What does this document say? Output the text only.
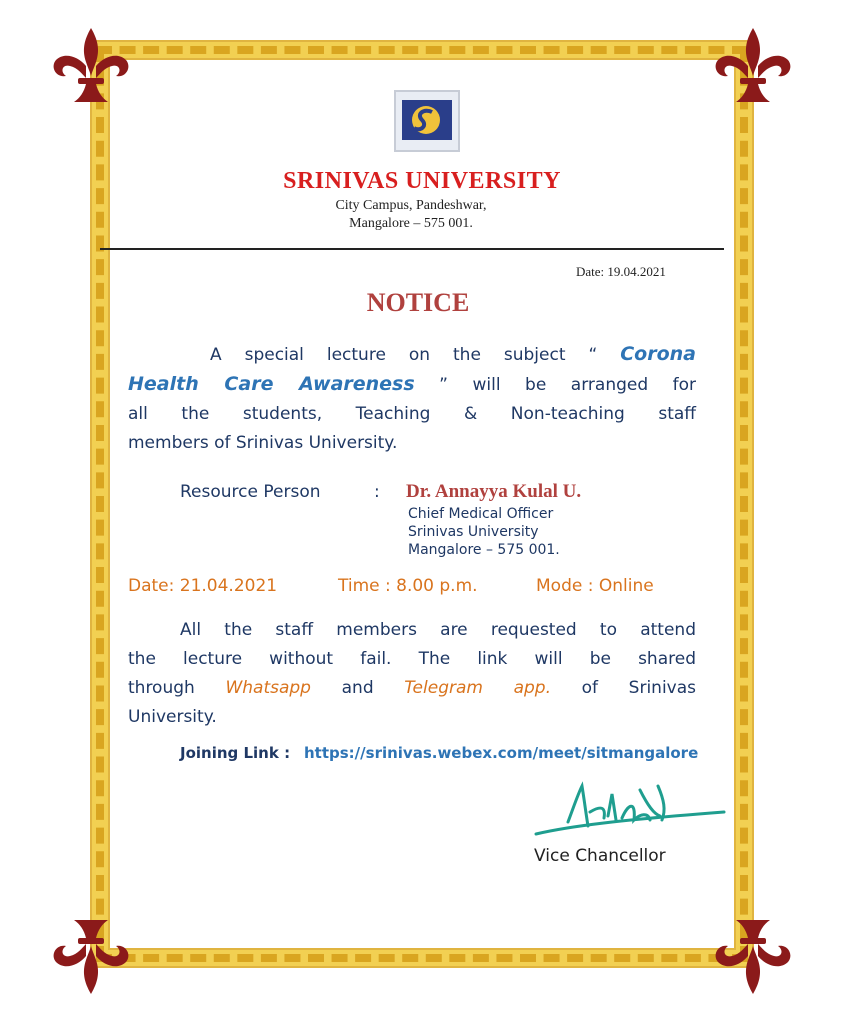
SRINIVAS UNIVERSITY
City Campus, Pandeshwar,
Mangalore – 575 001.
Date: 19.04.2021
NOTICE
A special lecture on the subject “ Corona
Health Care Awareness ” will be arranged for
all the students, Teaching & Non-teaching staff
members of Srinivas University.
Resource Person	: Dr. Annayya Kulal U.
Chief Medical Officer
Srinivas University
Mangalore – 575 001.
Date: 21.04.2021	Time : 8.00 p.m.	Mode : Online
All the staff members are requested to attend
the lecture without fail. The link will be shared
through Whatsapp and Telegram app. of Srinivas
University.
Joining Link : https://srinivas.webex.com/meet/sitmangalore
Vice Chancellor
